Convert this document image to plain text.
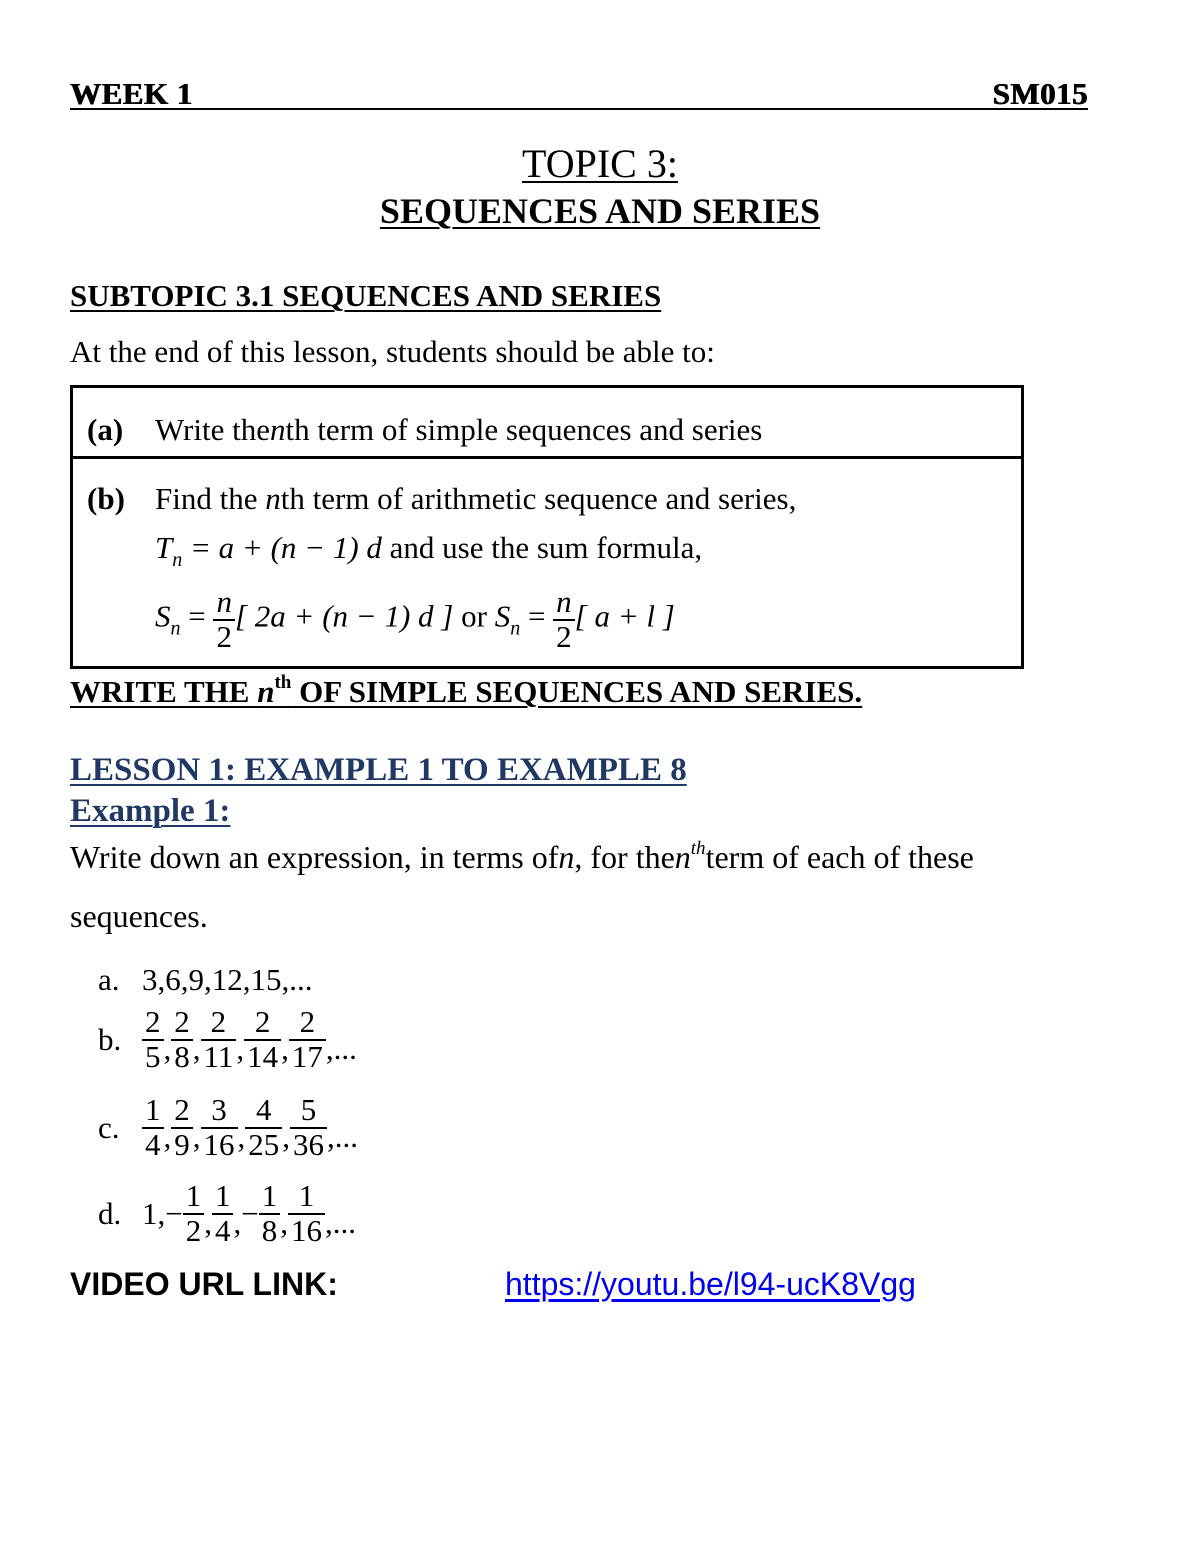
WEEK 1	SM015
TOPIC 3:
SEQUENCES AND SERIES
SUBTOPIC 3.1 SEQUENCES AND SERIES
At the end of this lesson, students should be able to:
(a) Write thenth term of simple sequences and series
(b) Find the nth term of arithmetic sequence and series,
$T_n = a + (n - 1)$ d and use the sum formula,
$S_n = \frac{n}{2}$ [ 2a + (n − 1) d ] or $S_n = \frac{n}{2}$ [ a + l ]
WRITE THE $n^{th}$ OF SIMPLE SEQUENCES AND SERIES.
LESSON 1: EXAMPLE 1 TO EXAMPLE 8
Example 1:
Write down an expression, in terms ofn, for then$^{th}$term of each of these
sequences.
a. 3,6,9,12,15,...
b. $\frac{2}{5}$ , $\frac{2}{8}$ , $\frac{2}{11}$ , $\frac{2}{14}$ , $\frac{2}{17}$ ,...
c. $\frac{1}{4}$ , $\frac{2}{9}$ , $\frac{3}{16}$ , $\frac{4}{25}$ , $\frac{5}{36}$ ,...
d. 1, − $\frac{1}{2}$ , $\frac{1}{4}$ , − $\frac{1}{8}$ , $\frac{1}{16}$ ,...
VIDEO URL LINK:	https://youtu.be/l94-ucK8Vgg
